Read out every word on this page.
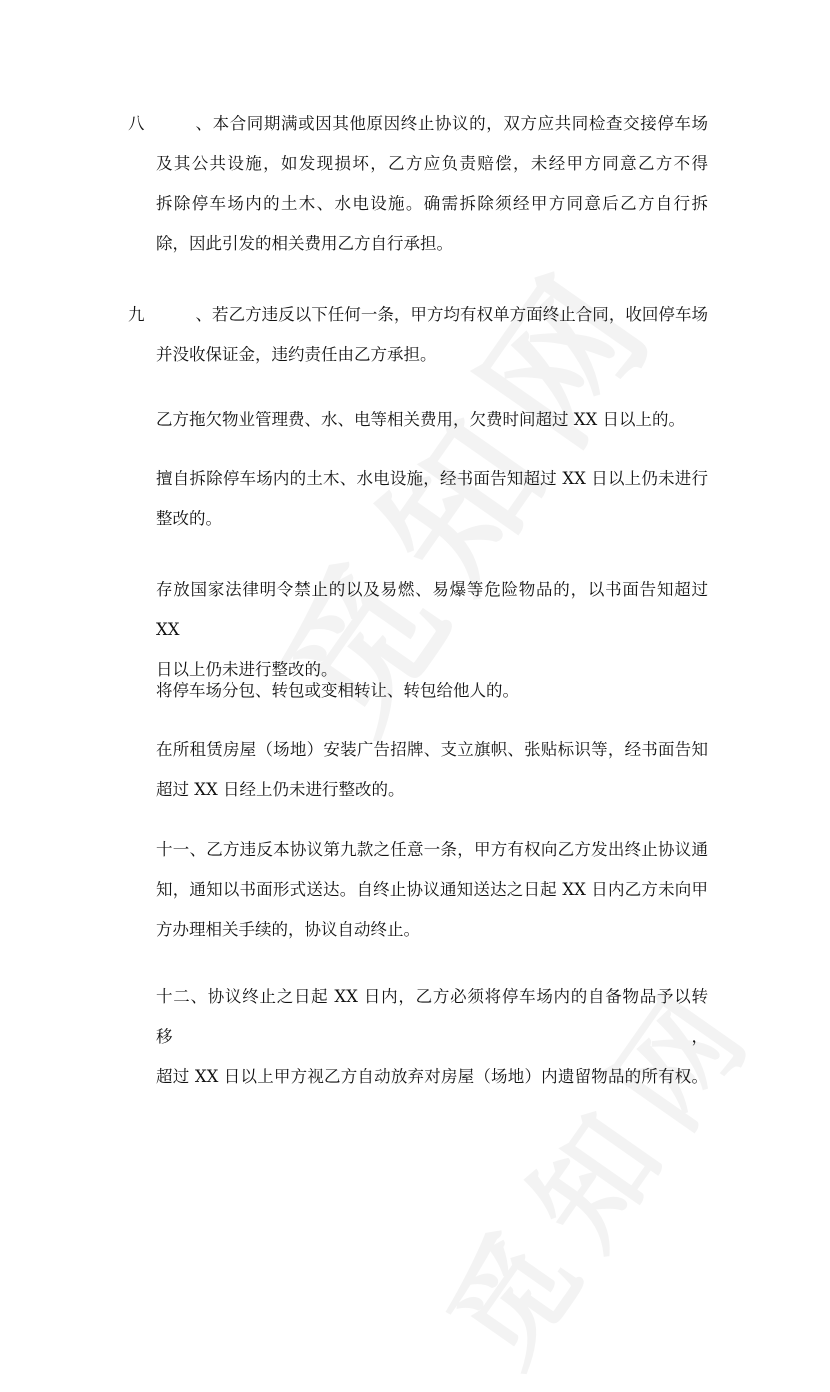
八、本合同期满或因其他原因终止协议的，双方应共同检查交接停车场
及其公共设施，如发现损坏，乙方应负责赔偿，未经甲方同意乙方不得
拆除停车场内的土木、水电设施。确需拆除须经甲方同意后乙方自行拆
除，因此引发的相关费用乙方自行承担。
九、若乙方违反以下任何一条，甲方均有权单方面终止合同，收回停车场
并没收保证金，违约责任由乙方承担。
乙方拖欠物业管理费、水、电等相关费用，欠费时间超过 XX 日以上的。
擅自拆除停车场内的土木、水电设施，经书面告知超过 XX 日以上仍未进行
整改的。
存放国家法律明令禁止的以及易燃、易爆等危险物品的，以书面告知超过 XX
日以上仍未进行整改的。
将停车场分包、转包或变相转让、转包给他人的。
在所租赁房屋（场地）安装广告招牌、支立旗帜、张贴标识等，经书面告知
超过 XX 日经上仍未进行整改的。
十一、乙方违反本协议第九款之任意一条，甲方有权向乙方发出终止协议通
知，通知以书面形式送达。自终止协议通知送达之日起 XX 日内乙方未向甲
方办理相关手续的，协议自动终止。
十二、协议终止之日起 XX 日内，乙方必须将停车场内的自备物品予以转移，
超过 XX 日以上甲方视乙方自动放弃对房屋（场地）内遗留物品的所有权。
